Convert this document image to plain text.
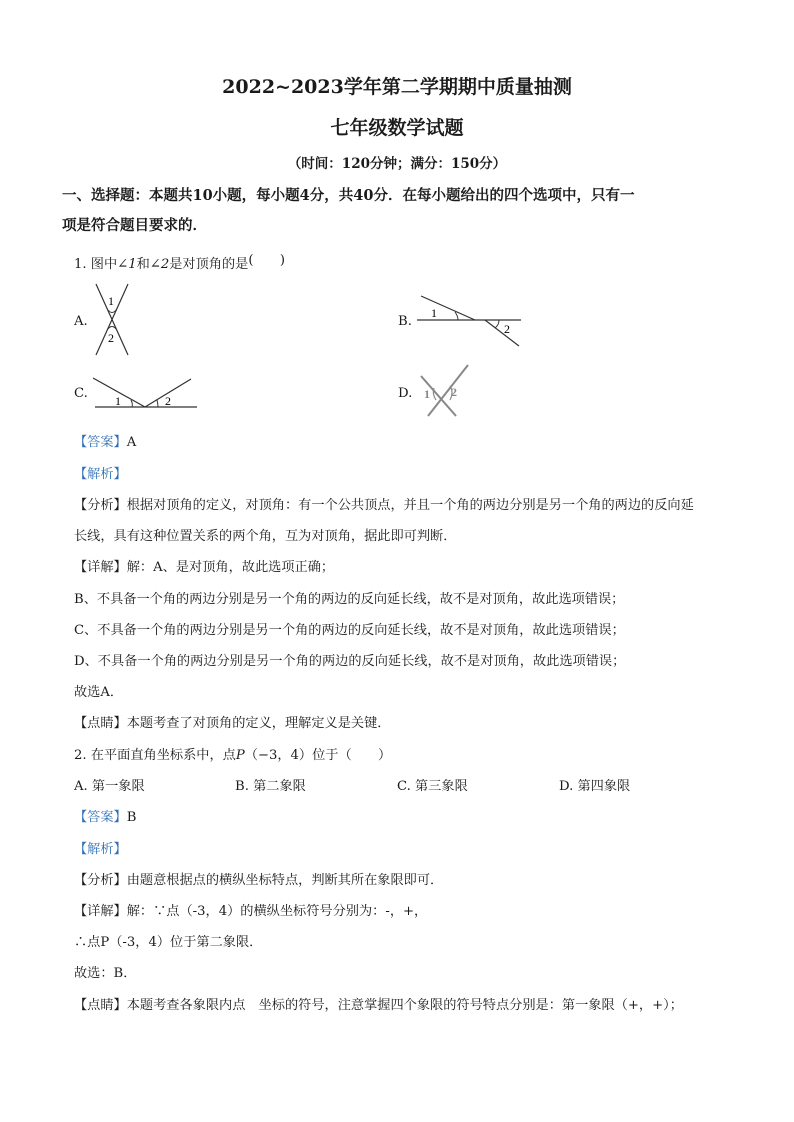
2022~2023学年第二学期期中质量抽测
七年级数学试题
（时间：120分钟；满分：150分）
一、选择题：本题共10小题，每小题4分，共40分．在每小题给出的四个选项中，只有一
项是符合题目要求的．
1. 图中∠1和∠2是对顶角的是(　　)
A.
1
2
B.
1
2
C. 1	2	D. 1 2
【答案】A
【解析】
【分析】根据对顶角的定义，对顶角：有一个公共顶点，并且一个角的两边分别是另一个角的两边的反向延
长线，具有这种位置关系的两个角，互为对顶角，据此即可判断．
【详解】解：A、是对顶角，故此选项正确；
B、不具备一个角的两边分别是另一个角的两边的反向延长线，故不是对顶角，故此选项错误；
C、不具备一个角的两边分别是另一个角的两边的反向延长线，故不是对顶角，故此选项错误；
D、不具备一个角的两边分别是另一个角的两边的反向延长线，故不是对顶角，故此选项错误；
故选A．
【点睛】本题考查了对顶角的定义，理解定义是关键．
2. 在平面直角坐标系中，点P（−3，4）位于（　　）
A. 第一象限	B. 第二象限	C. 第三象限	D. 第四象限
【答案】B
【解析】
【分析】由题意根据点的横纵坐标特点，判断其所在象限即可．
【详解】解：∵点（-3，4）的横纵坐标符号分别为：-，+，
∴点P（-3，4）位于第二象限．
故选：B．
【点睛】本题考查各象限内点　坐标的符号，注意掌握四个象限的符号特点分别是：第一象限（+，+）；
